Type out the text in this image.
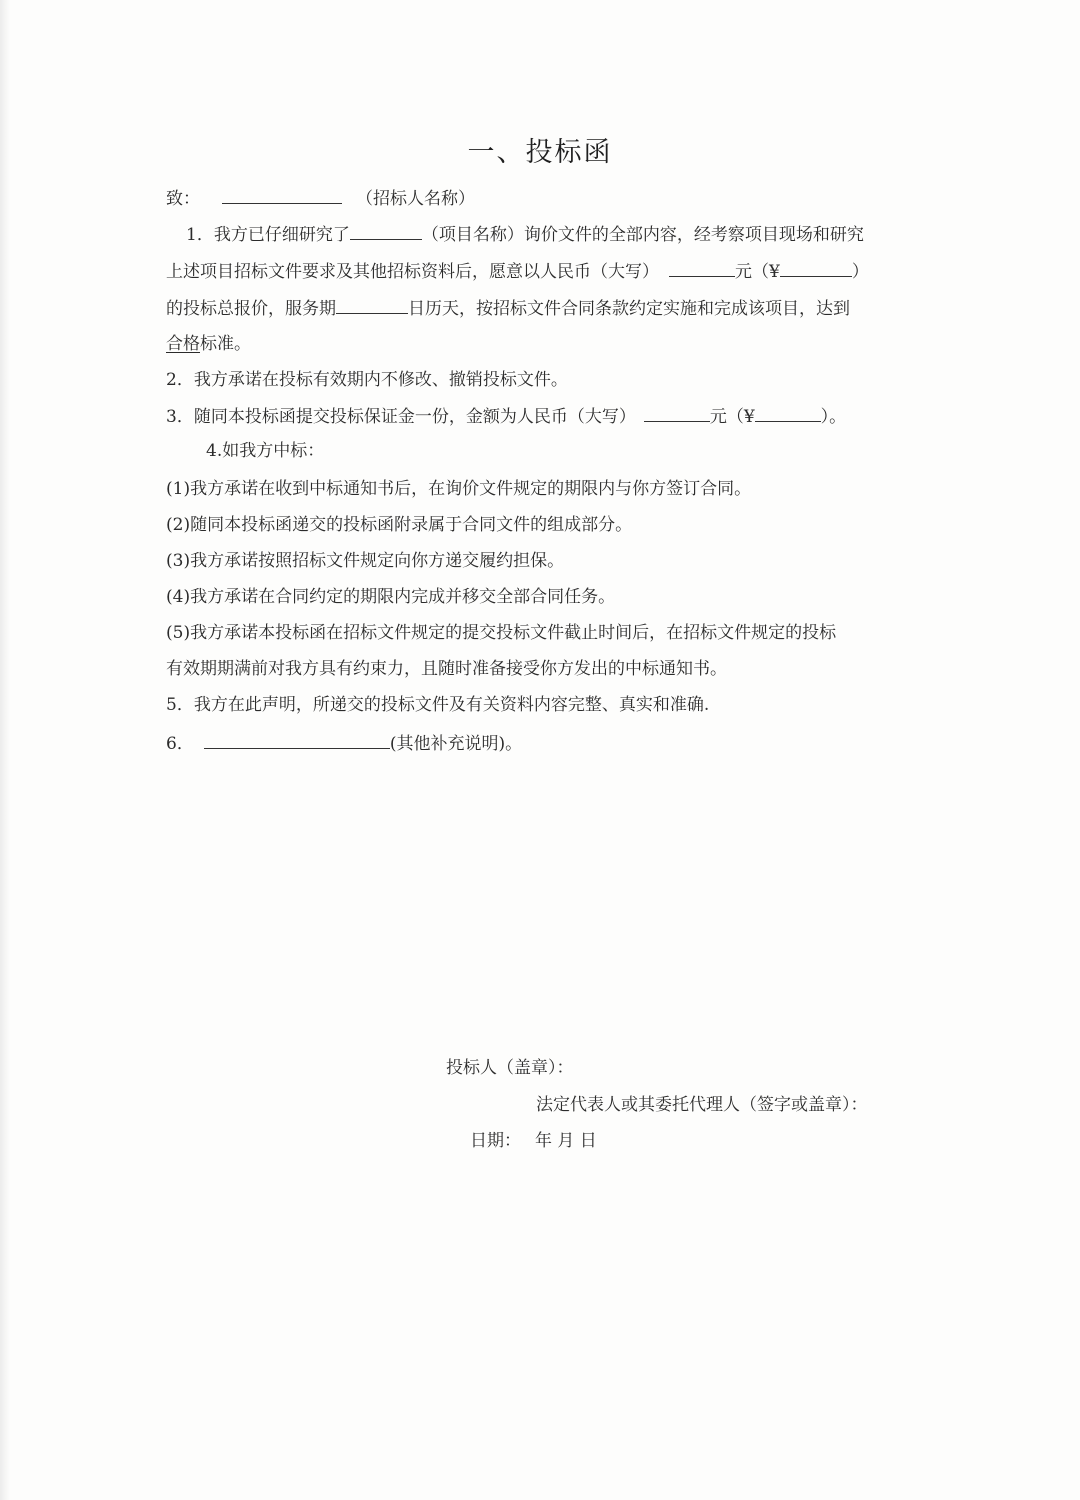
一、投标函
致：	（招标人名称）
1．我方已仔细研究了	（项目名称）询价文件的全部内容，经考察项目现场和研究
上述项目招标文件要求及其他招标资料后，愿意以人民币（大写）	元（¥	）
的投标总报价，服务期	日历天，按招标文件合同条款约定实施和完成该项目，达到
合格标准。
2．我方承诺在投标有效期内不修改、撤销投标文件。
3．随同本投标函提交投标保证金一份，金额为人民币（大写）	元（¥	）。
4.如我方中标：
(1)我方承诺在收到中标通知书后，在询价文件规定的期限内与你方签订合同。
(2)随同本投标函递交的投标函附录属于合同文件的组成部分。
(3)我方承诺按照招标文件规定向你方递交履约担保。
(4)我方承诺在合同约定的期限内完成并移交全部合同任务。
(5)我方承诺本投标函在招标文件规定的提交投标文件截止时间后，在招标文件规定的投标
有效期期满前对我方具有约束力，且随时准备接受你方发出的中标通知书。
5．我方在此声明，所递交的投标文件及有关资料内容完整、真实和准确.
6．	(其他补充说明)。
投标人（盖章）：
法定代表人或其委托代理人（签字或盖章）：
日期： 年 月 日
